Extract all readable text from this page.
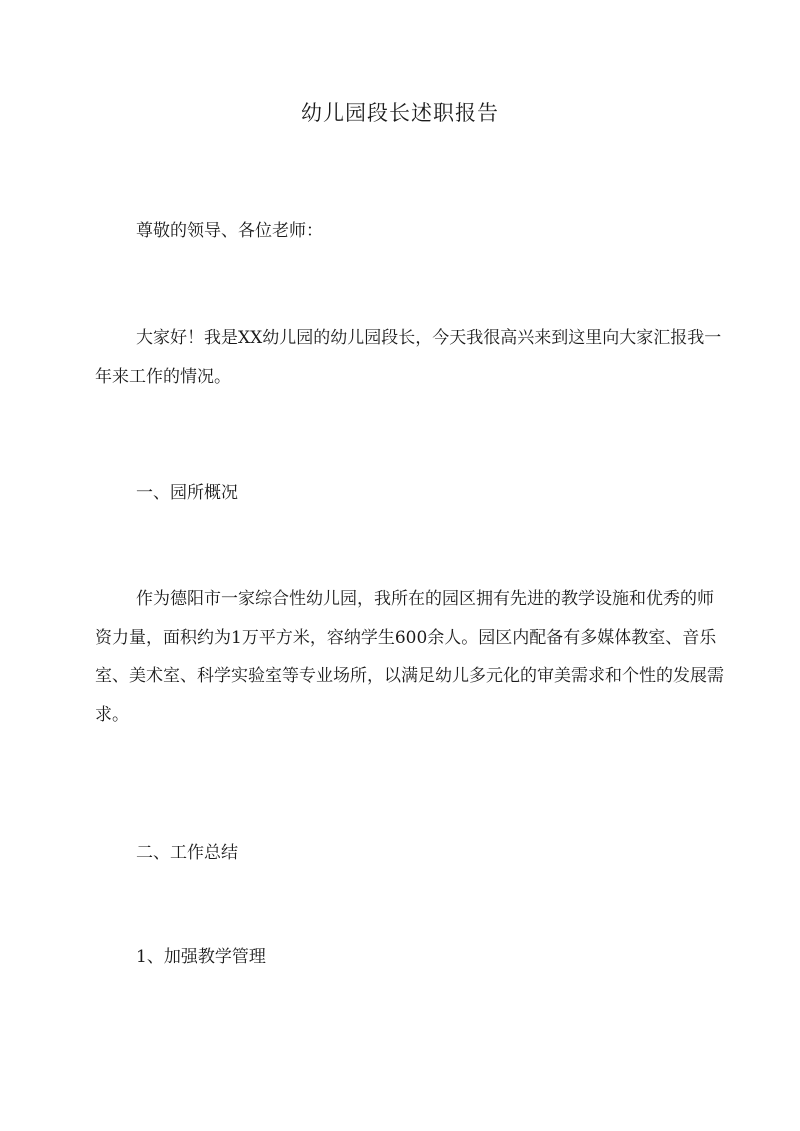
幼儿园段长述职报告

尊敬的领导、各位老师：

大家好！我是XX幼儿园的幼儿园段长，今天我很高兴来到这里向大家汇报我一年来工作的情况。

一、园所概况

作为德阳市一家综合性幼儿园，我所在的园区拥有先进的教学设施和优秀的师资力量，面积约为1万平方米，容纳学生600余人。园区内配备有多媒体教室、音乐室、美术室、科学实验室等专业场所，以满足幼儿多元化的审美需求和个性的发展需求。

二、工作总结

1、加强教学管理
